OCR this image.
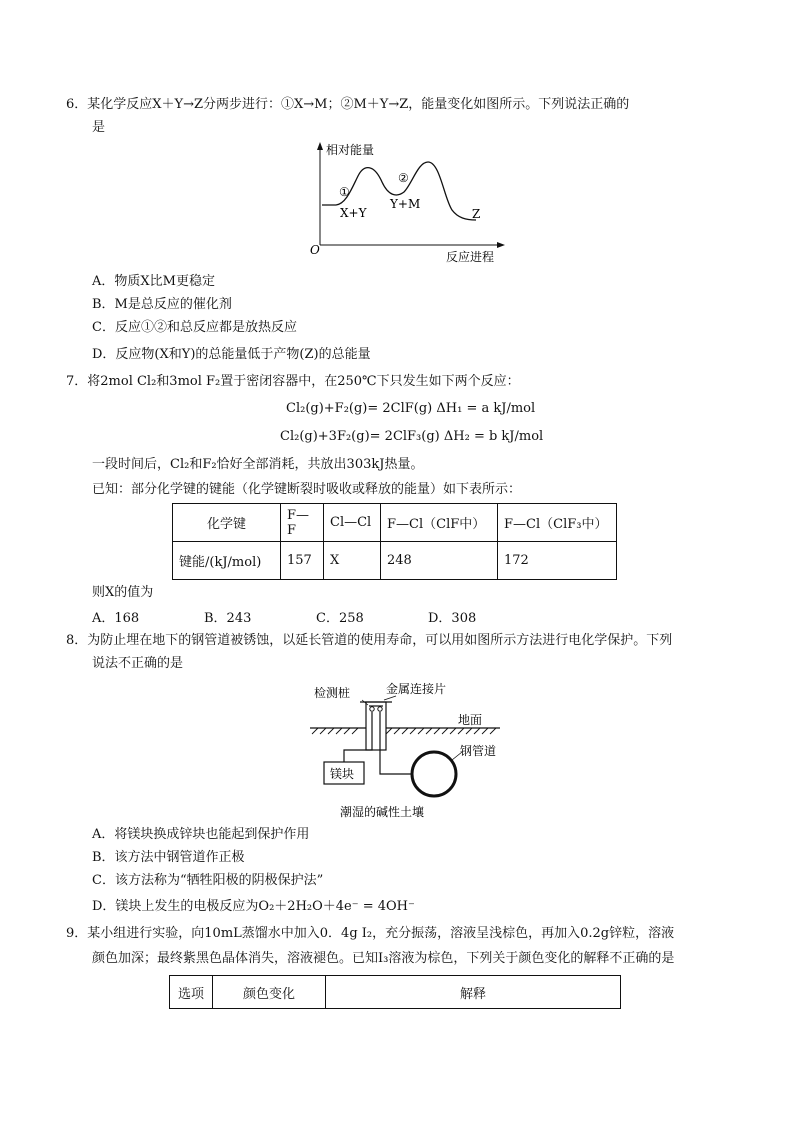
6．某化学反应X＋Y→Z分两步进行：①X→M；②M＋Y→Z，能量变化如图所示。下列说法正确的
是
相对能量
O	反应进程
①
②
X+Y
Y+M
Z
A．物质X比M更稳定
B．M是总反应的催化剂
C．反应①②和总反应都是放热反应
D．反应物(X和Y)的总能量低于产物(Z)的总能量
7．将2mol Cl₂和3mol F₂置于密闭容器中，在250℃下只发生如下两个反应：
Cl₂(g)+F₂(g)= 2ClF(g) ΔH₁ = a kJ/mol
Cl₂(g)+3F₂(g)= 2ClF₃(g) ΔH₂ = b kJ/mol
一段时间后，Cl₂和F₂恰好全部消耗，共放出303kJ热量。
已知：部分化学键的键能（化学键断裂时吸收或释放的能量）如下表所示：
化学键	F—F	Cl—Cl	F—Cl（ClF中）	F—Cl（ClF₃中）
键能/(kJ/mol)	157	X	248	172
则X的值为
A．168	B．243	C．258	D．308
8．为防止埋在地下的钢管道被锈蚀，以延长管道的使用寿命，可以用如图所示方法进行电化学保护。下列
说法不正确的是
检测桩	金属连接片
地面
钢管道
潮湿的碱性土壤
镁块
A．将镁块换成锌块也能起到保护作用
B．该方法中钢管道作正极
C．该方法称为“牺牲阳极的阴极保护法”
D．镁块上发生的电极反应为O₂＋2H₂O＋4e⁻ = 4OH⁻
9．某小组进行实验，向10mL蒸馏水中加入0．4g I₂，充分振荡，溶液呈浅棕色，再加入0.2g锌粒，溶液
颜色加深；最终紫黑色晶体消失，溶液褪色。已知I₃溶液为棕色，下列关于颜色变化的解释不正确的是
选项	颜色变化	解释
